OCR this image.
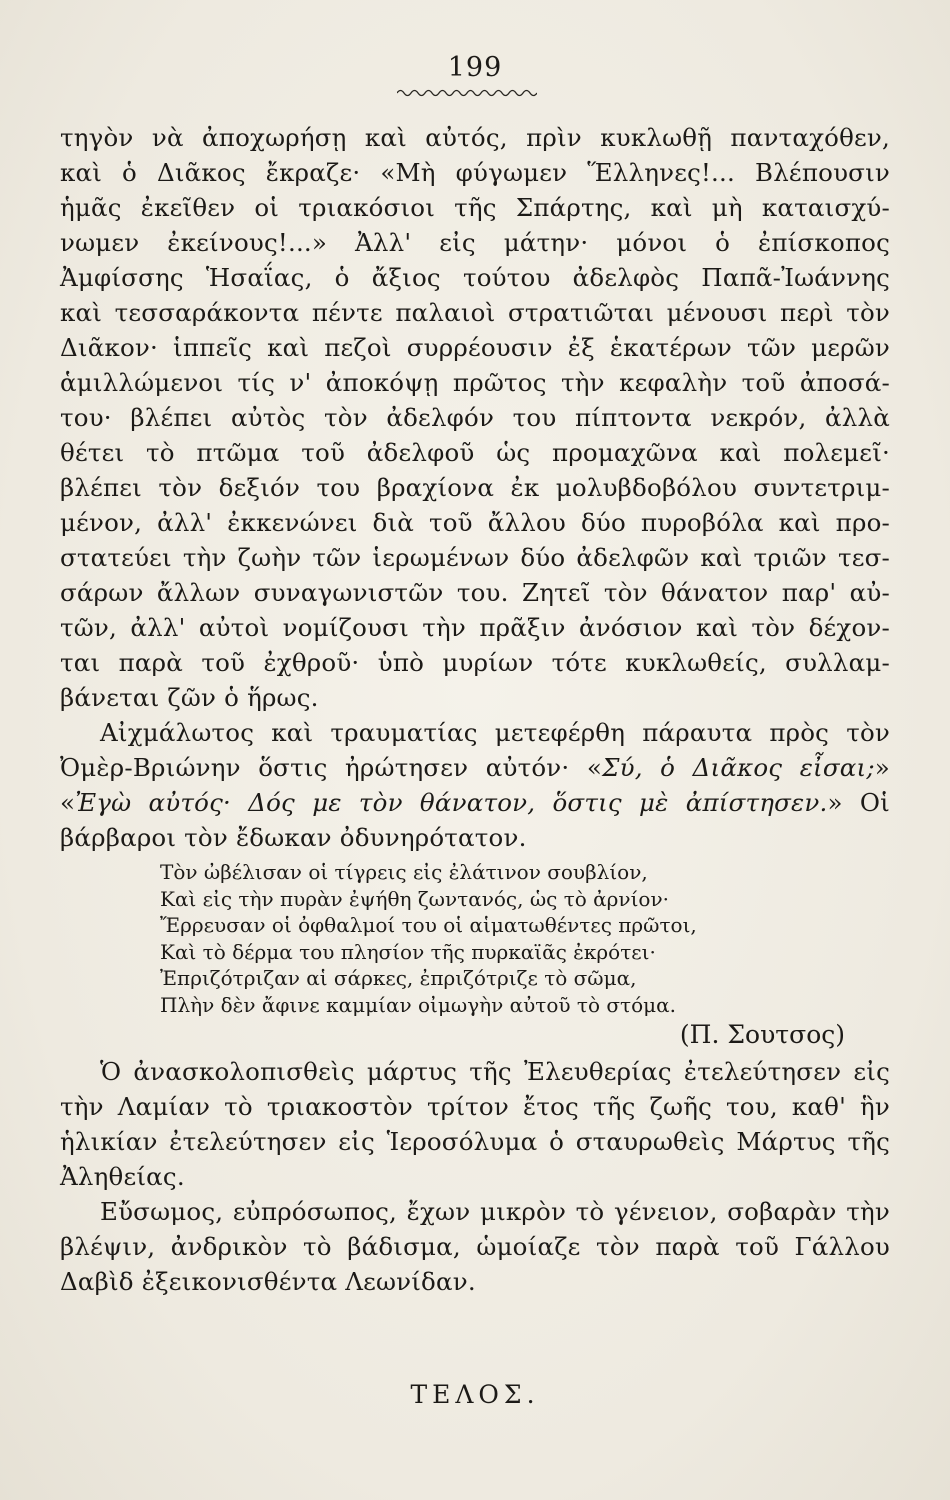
199
τηγὸν νὰ ἀποχωρήσῃ καὶ αὐτός, πρὶν κυκλωθῇ πανταχόθεν,
καὶ ὁ Διᾶκος ἔκραζε· «Μὴ φύγωμεν Ἕλληνες!... Βλέπουσιν
ἡμᾶς ἐκεῖθεν οἱ τριακόσιοι τῆς Σπάρτης, καὶ μὴ καταισχύ-
νωμεν ἐκείνους!...» Ἀλλ' εἰς μάτην· μόνοι ὁ ἐπίσκοπος
Ἀμφίσσης Ἡσαΐας, ὁ ἄξιος τούτου ἀδελφὸς Παπᾶ-Ἰωάννης
καὶ τεσσαράκοντα πέντε παλαιοὶ στρατιῶται μένουσι περὶ τὸν
Διᾶκον· ἱππεῖς καὶ πεζοὶ συρρέουσιν ἐξ ἑκατέρων τῶν μερῶν
ἁμιλλώμενοι τίς ν' ἀποκόψῃ πρῶτος τὴν κεφαλὴν τοῦ ἀποσά-
του· βλέπει αὐτὸς τὸν ἀδελφόν του πίπτοντα νεκρόν, ἀλλὰ
θέτει τὸ πτῶμα τοῦ ἀδελφοῦ ὡς προμαχῶνα καὶ πολεμεῖ·
βλέπει τὸν δεξιόν του βραχίονα ἐκ μολυβδοβόλου συντετριμ-
μένον, ἀλλ' ἐκκενώνει διὰ τοῦ ἄλλου δύο πυροβόλα καὶ προ-
στατεύει τὴν ζωὴν τῶν ἱερωμένων δύο ἀδελφῶν καὶ τριῶν τεσ-
σάρων ἄλλων συναγωνιστῶν του. Ζητεῖ τὸν θάνατον παρ' αὐ-
τῶν, ἀλλ' αὐτοὶ νομίζουσι τὴν πρᾶξιν ἀνόσιον καὶ τὸν δέχον-
ται παρὰ τοῦ ἐχθροῦ· ὑπὸ μυρίων τότε κυκλωθείς, συλλαμ-
βάνεται ζῶν ὁ ἥρως.
Αἰχμάλωτος καὶ τραυματίας μετεφέρθη πάραυτα πρὸς τὸν
Ὀμὲρ-Βριώνην ὅστις ἠρώτησεν αὐτόν· «Σύ, ὁ Διᾶκος εἶσαι;»
«Ἐγὼ αὐτός· Δός με τὸν θάνατον, ὅστις μὲ ἀπίστησεν.» Οἱ
βάρβαροι τὸν ἔδωκαν ὀδυνηρότατον.
Τὸν ὠβέλισαν οἱ τίγρεις εἰς ἐλάτινον σουβλίον,
Καὶ εἰς τὴν πυρὰν ἐψήθη ζωντανός, ὡς τὸ ἀρνίον·
Ἔρρευσαν οἱ ὀφθαλμοί του οἱ αἱματωθέντες πρῶτοι,
Καὶ τὸ δέρμα του πλησίον τῆς πυρκαϊᾶς ἐκρότει·
Ἐπριζότριζαν αἱ σάρκες, ἐπριζότριζε τὸ σῶμα,
Πλὴν δὲν ἄφινε καμμίαν οἰμωγὴν αὐτοῦ τὸ στόμα.
(Π. Σουτσος)
Ὁ ἀνασκολοπισθεὶς μάρτυς τῆς Ἐλευθερίας ἐτελεύτησεν εἰς
τὴν Λαμίαν τὸ τριακοστὸν τρίτον ἔτος τῆς ζωῆς του, καθ' ἣν
ἡλικίαν ἐτελεύτησεν εἰς Ἱεροσόλυμα ὁ σταυρωθεὶς Μάρτυς τῆς
Ἀληθείας.
Εὔσωμος, εὐπρόσωπος, ἔχων μικρὸν τὸ γένειον, σοβαρὰν τὴν
βλέψιν, ἀνδρικὸν τὸ βάδισμα, ὡμοίαζε τὸν παρὰ τοῦ Γάλλου
Δαβὶδ ἐξεικονισθέντα Λεωνίδαν.
ΤΕΛΟΣ.
